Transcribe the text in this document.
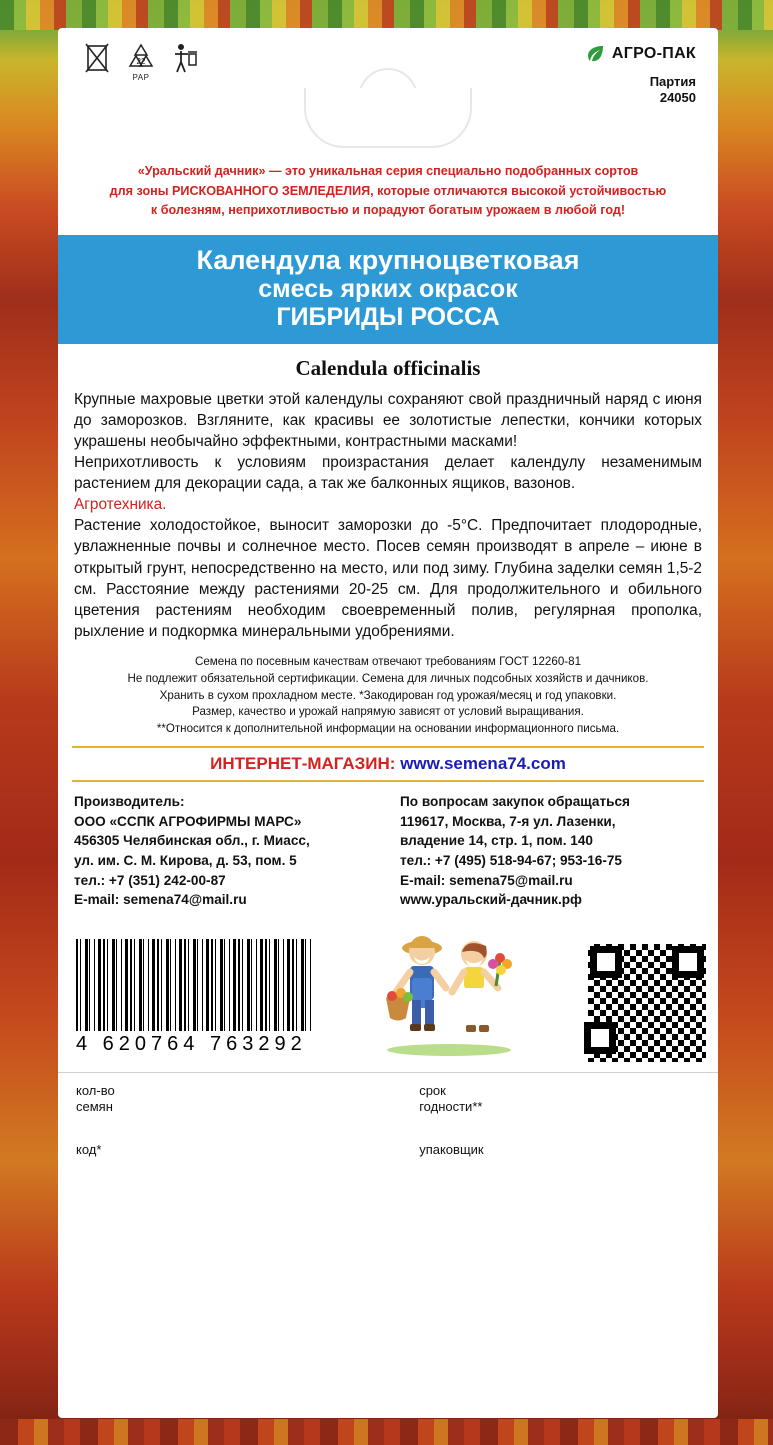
22
PAP
АГРО-ПАК
Партия
24050
«Уральский дачник» — это уникальная серия специально подобранных сортов
для зоны РИСКОВАННОГО ЗЕМЛЕДЕЛИЯ, которые отличаются высокой устойчивостью
к болезням, неприхотливостью и порадуют богатым урожаем в любой год!
Календула крупноцветковая
смесь ярких окрасок
ГИБРИДЫ РОССА
Calendula officinalis

Крупные махровые цветки этой календулы сохраняют свой праздничный наряд с июня до заморозков. Взгляните, как красивы ее золотистые лепестки, кончики которых украшены необычайно эффектными, контрастными масками!

Неприхотливость к условиям произрастания делает календулу незаменимым растением для декорации сада, а так же балконных ящиков, вазонов.

Агротехника.

Растение холодостойкое, выносит заморозки до -5°С. Предпочитает плодородные, увлажненные почвы и солнечное место. Посев семян производят в апреле – июне в открытый грунт, непосредственно на место, или под зиму. Глубина заделки семян 1,5-2 см. Расстояние между растениями 20-25 см. Для продолжительного и обильного цветения растениям необходим своевременный полив, регулярная прополка, рыхление и подкормка минеральными удобрениями.

Семена по посевным качествам отвечают требованиям ГОСТ 12260-81
Не подлежит обязательной сертификации. Семена для личных подсобных хозяйств и дачников.
Хранить в сухом прохладном месте. *Закодирован год урожая/месяц и год упаковки.
Размер, качество и урожай напрямую зависят от условий выращивания.
**Относится к дополнительной информации на основании информационного письма.
ИНТЕРНЕТ-МАГАЗИН: www.semena74.com
Производитель:
ООО «ССПК АГРОФИРМЫ МАРС»
456305 Челябинская обл., г. Миасс,
ул. им. С. М. Кирова, д. 53, пом. 5
тел.: +7 (351) 242-00-87
E-mail: semena74@mail.ru
По вопросам закупок обращаться
119617, Москва, 7-я ул. Лазенки,
владение 14, стр. 1, пом. 140
тел.: +7 (495) 518-94-67; 953-16-75
E-mail: semena75@mail.ru
www.уральский-дачник.рф
4 620764 763292
кол-во
семян
код*
срок
годности**
упаковщик
